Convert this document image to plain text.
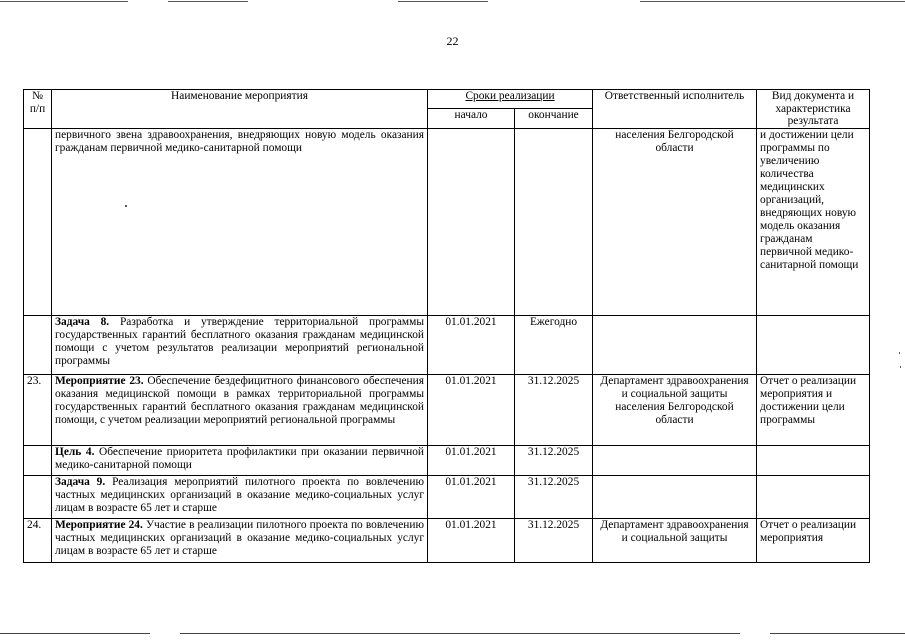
22
№ п/п	Наименование мероприятия	Сроки реализации		Ответственный исполнитель	Вид документа и характеристика результата
		начало	окончание		
	первичного звена здравоохранения, внедряющих новую модель оказания гражданам первичной медико-санитарной помощи			населения Белгородской области	и достижении цели программы по увеличению количества медицинских организаций, внедряющих новую модель оказания гражданам первичной медико-санитарной помощи
	Задача 8. Разработка и утверждение территориальной программы государственных гарантий бесплатного оказания гражданам медицинской помощи с учетом результатов реализации мероприятий региональной программы	01.01.2021	Ежегодно		
23.	Мероприятие 23. Обеспечение бездефицитного финансового обеспечения оказания медицинской помощи в рамках территориальной программы государственных гарантий бесплатного оказания гражданам медицинской помощи, с учетом реализации мероприятий региональной программы	01.01.2021	31.12.2025	Департамент здравоохранения и социальной защиты населения Белгородской области	Отчет о реализации мероприятия и достижении цели программы
	Цель 4. Обеспечение приоритета профилактики при оказании первичной медико-санитарной помощи	01.01.2021	31.12.2025		
	Задача 9. Реализация мероприятий пилотного проекта по вовлечению частных медицинских организаций в оказание медико-социальных услуг лицам в возрасте 65 лет и старше	01.01.2021	31.12.2025		
24.	Мероприятие 24. Участие в реализации пилотного проекта по вовлечению частных медицинских организаций в оказание медико-социальных услуг лицам в возрасте 65 лет и старше	01.01.2021	31.12.2025	Департамент здравоохранения и социальной защиты	Отчет о реализации мероприятия
